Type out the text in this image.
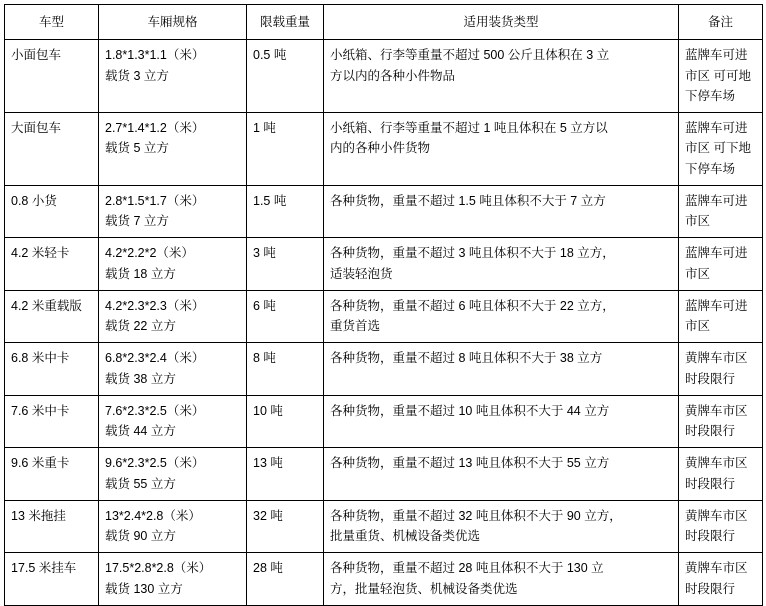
车型	车厢规格	限载重量	适用装货类型	备注
小面包车	1.8*1.3*1.1（米）
载货 3 立方	0.5 吨	小纸箱、行李等重量不超过 500 公斤且体积在 3 立
方以内的各种小件物品	蓝牌车可进
市区 可可地
下停车场

大面包车	2.7*1.4*1.2（米）
载货 5 立方	1 吨	小纸箱、行李等重量不超过 1 吨且体积在 5 立方以
内的各种小件货物	蓝牌车可进
市区 可下地
下停车场

0.8 小货	2.8*1.5*1.7（米）
载货 7 立方	1.5 吨	各种货物，重量不超过 1.5 吨且体积不大于 7 立方	蓝牌车可进
市区

4.2 米轻卡	4.2*2.2*2（米）
载货 18 立方	3 吨	各种货物，重量不超过 3 吨且体积不大于 18 立方，
适装轻泡货	蓝牌车可进
市区

4.2 米重载版	4.2*2.3*2.3（米）
载货 22 立方	6 吨	各种货物，重量不超过 6 吨且体积不大于 22 立方，
重货首选	蓝牌车可进
市区

6.8 米中卡	6.8*2.3*2.4（米）
载货 38 立方	8 吨	各种货物，重量不超过 8 吨且体积不大于 38 立方	黄牌车市区
时段限行

7.6 米中卡	7.6*2.3*2.5（米）
载货 44 立方	10 吨	各种货物，重量不超过 10 吨且体积不大于 44 立方	黄牌车市区
时段限行

9.6 米重卡	9.6*2.3*2.5（米）
载货 55 立方	13 吨	各种货物，重量不超过 13 吨且体积不大于 55 立方	黄牌车市区
时段限行

13 米拖挂	13*2.4*2.8（米）
载货 90 立方	32 吨	各种货物，重量不超过 32 吨且体积不大于 90 立方，
批量重货、机械设备类优选	黄牌车市区
时段限行

17.5 米挂车	17.5*2.8*2.8（米）
载货 130 立方	28 吨	各种货物，重量不超过 28 吨且体积不大于 130 立
方，批量轻泡货、机械设备类优选	黄牌车市区
时段限行
